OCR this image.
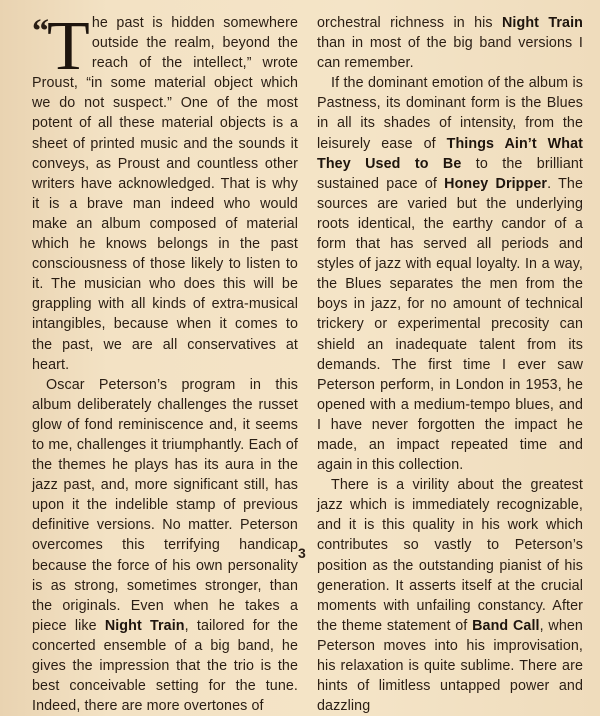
“ T he past is hidden somewhere outside the realm, beyond the reach of the intellect,” wrote Proust, “in some material object which we do not suspect.” One of the most potent of all these material objects is a sheet of printed music and the sounds it conveys, as Proust and countless other writers have acknowledged. That is why it is a brave man indeed who would make an album composed of material which he knows belongs in the past consciousness of those likely to listen to it. The musician who does this will be grappling with all kinds of extra-musical intangibles, because when it comes to the past, we are all conservatives at heart.

Oscar Peterson’s program in this album deliberately challenges the russet glow of fond reminiscence and, it seems to me, challenges it triumphantly. Each of the themes he plays has its aura in the jazz past, and, more significant still, has upon it the indelible stamp of previous definitive versions. No matter. Peterson overcomes this terrifying handicap because the force of his own personality is as strong, sometimes stronger, than the originals. Even when he takes a piece like Night Train, tailored for the concerted ensemble of a big band, he gives the impression that the trio is the best conceivable setting for the tune. Indeed, there are more overtones of

orchestral richness in his Night Train than in most of the big band versions I can remember.

If the dominant emotion of the album is Pastness, its dominant form is the Blues in all its shades of intensity, from the leisurely ease of Things Ain’t What They Used to Be to the brilliant sustained pace of Honey Dripper. The sources are varied but the underlying roots identical, the earthy candor of a form that has served all periods and styles of jazz with equal loyalty. In a way, the Blues separates the men from the boys in jazz, for no amount of technical trickery or experimental precosity can shield an inadequate talent from its demands. The first time I ever saw Peterson perform, in London in 1953, he opened with a medium-tempo blues, and I have never forgotten the impact he made, an impact repeated time and again in this collection.

There is a virility about the greatest jazz which is immediately recognizable, and it is this quality in his work which contributes so vastly to Peterson’s position as the outstanding pianist of his generation. It asserts itself at the crucial moments with unfailing constancy. After the theme statement of Band Call, when Peterson moves into his improvisation, his relaxation is quite sublime. There are hints of limitless untapped power and dazzling

3
